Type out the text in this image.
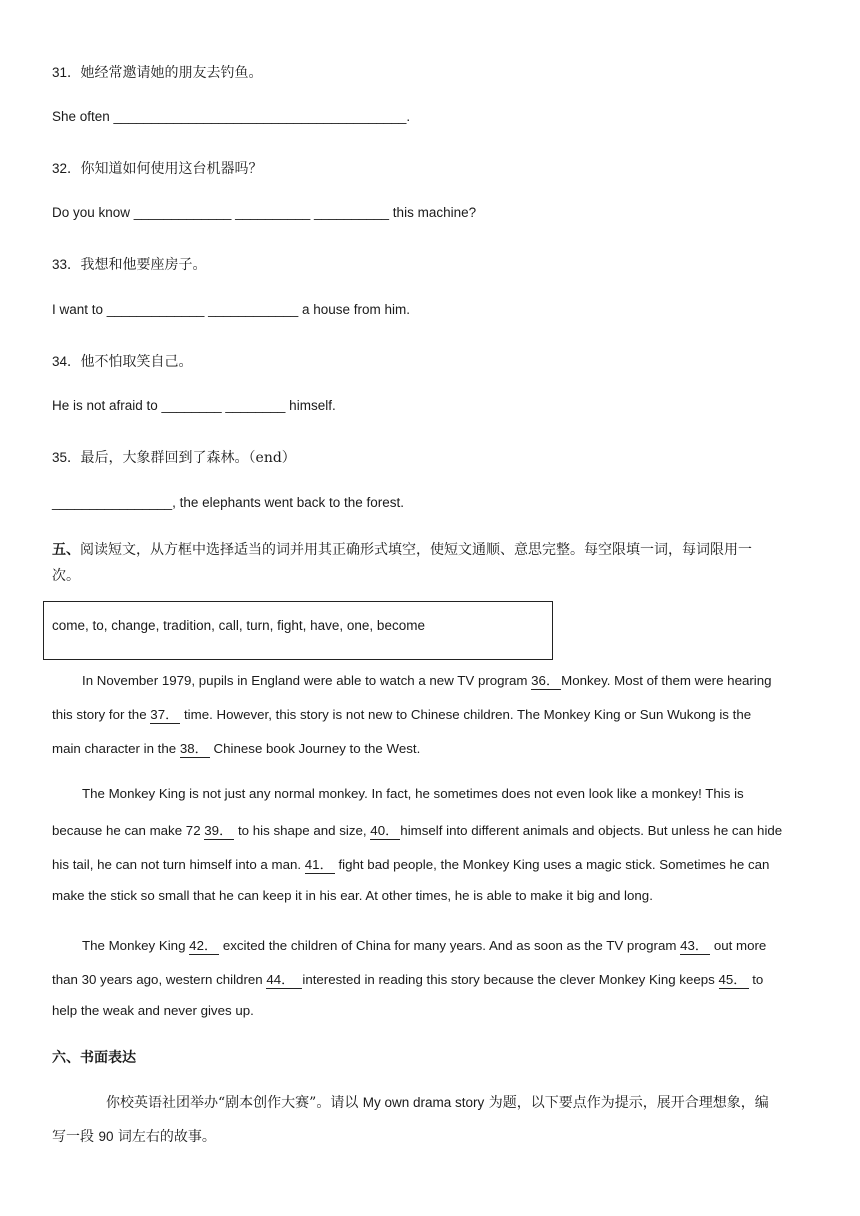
31．她经常邀请她的朋友去钓鱼。
She often _______________________________________.
32．你知道如何使用这台机器吗？
Do you know _____________ __________ __________ this machine?
33．我想和他要座房子。
I want to _____________ ____________ a house from him.
34．他不怕取笑自己。
He is not afraid to ________ ________ himself.
35．最后，大象群回到了森林。（end）
________________, the elephants went back to the forest.
五、阅读短文，从方框中选择适当的词并用其正确形式填空，使短文通顺、意思完整。每空限填一词，每词限用一
次。
come, to, change, tradition, call, turn, fight, have, one, become
In November 1979, pupils in England were able to watch a new TV program 36． Monkey. Most of them were hearing
this story for the 37． time. However, this story is not new to Chinese children. The Monkey King or Sun Wukong is the
main character in the 38． Chinese book Journey to the West.
The Monkey King is not just any normal monkey. In fact, he sometimes does not even look like a monkey! This is
because he can make 72 39． to his shape and size, 40． himself into different animals and objects. But unless he can hide
his tail, he can not turn himself into a man. 41． fight bad people, the Monkey King uses a magic stick. Sometimes he can
make the stick so small that he can keep it in his ear. At other times, he is able to make it big and long.
The Monkey King 42． excited the children of China for many years. And as soon as the TV program 43． out more
than 30 years ago, western children 44． interested in reading this story because the clever Monkey King keeps 45． to
help the weak and never gives up.
六、书面表达
你校英语社团举办“剧本创作大赛”。请以 My own drama story 为题，以下要点作为提示，展开合理想象，编
写一段 90 词左右的故事。
